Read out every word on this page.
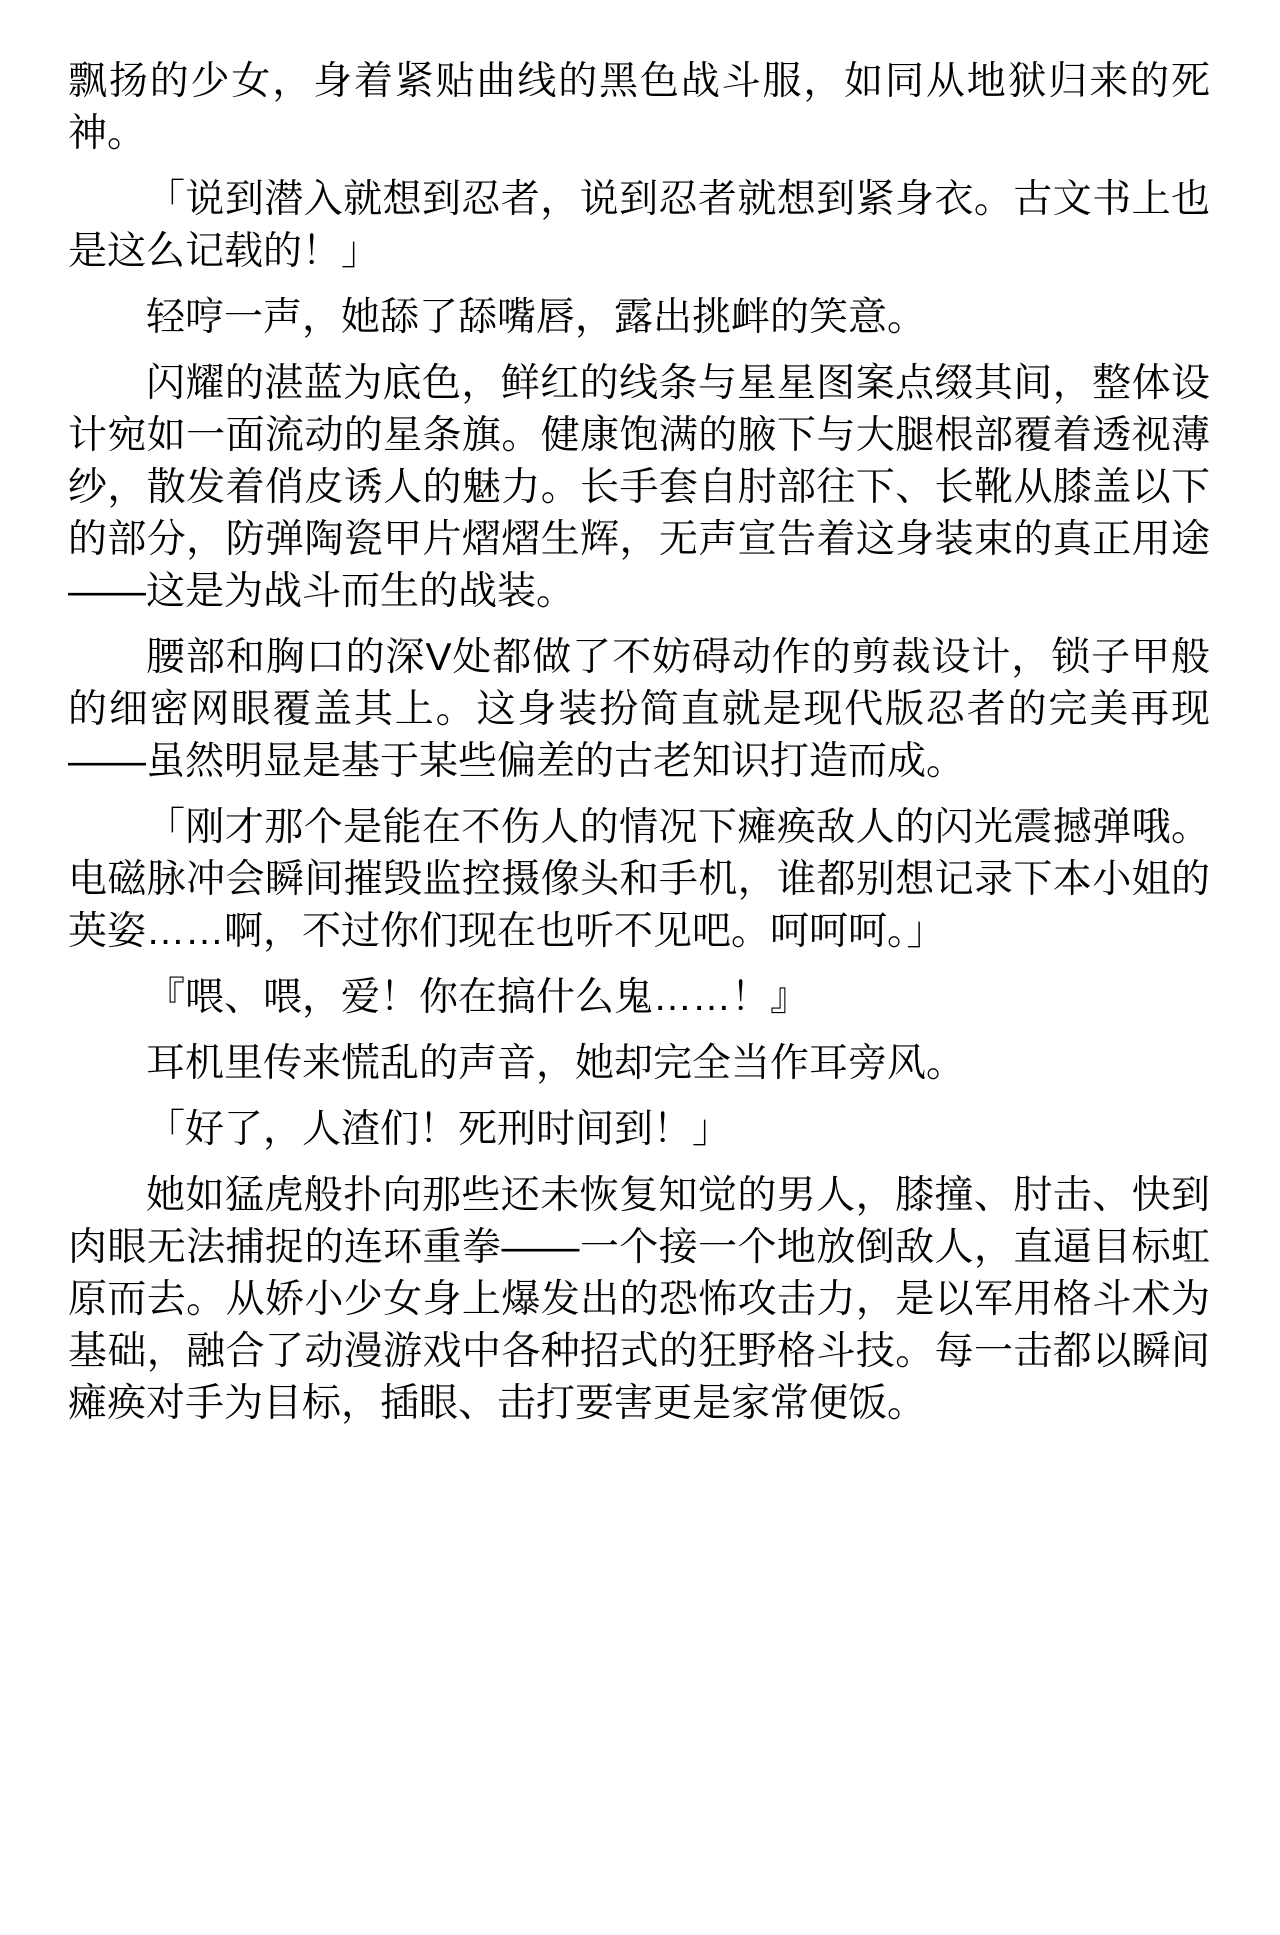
飘扬的少女，身着紧贴曲线的黑色战斗服，如同从地狱归来的死
神。
「说到潜入就想到忍者，说到忍者就想到紧身衣。古文书上也
是这么记载的！」
轻哼一声，她舔了舔嘴唇，露出挑衅的笑意。
闪耀的湛蓝为底色，鲜红的线条与星星图案点缀其间，整体设
计宛如一面流动的星条旗。健康饱满的腋下与大腿根部覆着透视薄
纱，散发着俏皮诱人的魅力。长手套自肘部往下、长靴从膝盖以下
的部分，防弹陶瓷甲片熠熠生辉，无声宣告着这身装束的真正用途
——这是为战斗而生的战装。
腰部和胸口的深V处都做了不妨碍动作的剪裁设计，锁子甲般
的细密网眼覆盖其上。这身装扮简直就是现代版忍者的完美再现
——虽然明显是基于某些偏差的古老知识打造而成。
「刚才那个是能在不伤人的情况下瘫痪敌人的闪光震撼弹哦。
电磁脉冲会瞬间摧毁监控摄像头和手机，谁都别想记录下本小姐的
英姿……啊，不过你们现在也听不见吧。呵呵呵。」
『喂、喂，爱！你在搞什么鬼……！』
耳机里传来慌乱的声音，她却完全当作耳旁风。
「好了，人渣们！死刑时间到！」
她如猛虎般扑向那些还未恢复知觉的男人，膝撞、肘击、快到
肉眼无法捕捉的连环重拳——一个接一个地放倒敌人，直逼目标虹
原而去。从娇小少女身上爆发出的恐怖攻击力，是以军用格斗术为
基础，融合了动漫游戏中各种招式的狂野格斗技。每一击都以瞬间
瘫痪对手为目标，插眼、击打要害更是家常便饭。
